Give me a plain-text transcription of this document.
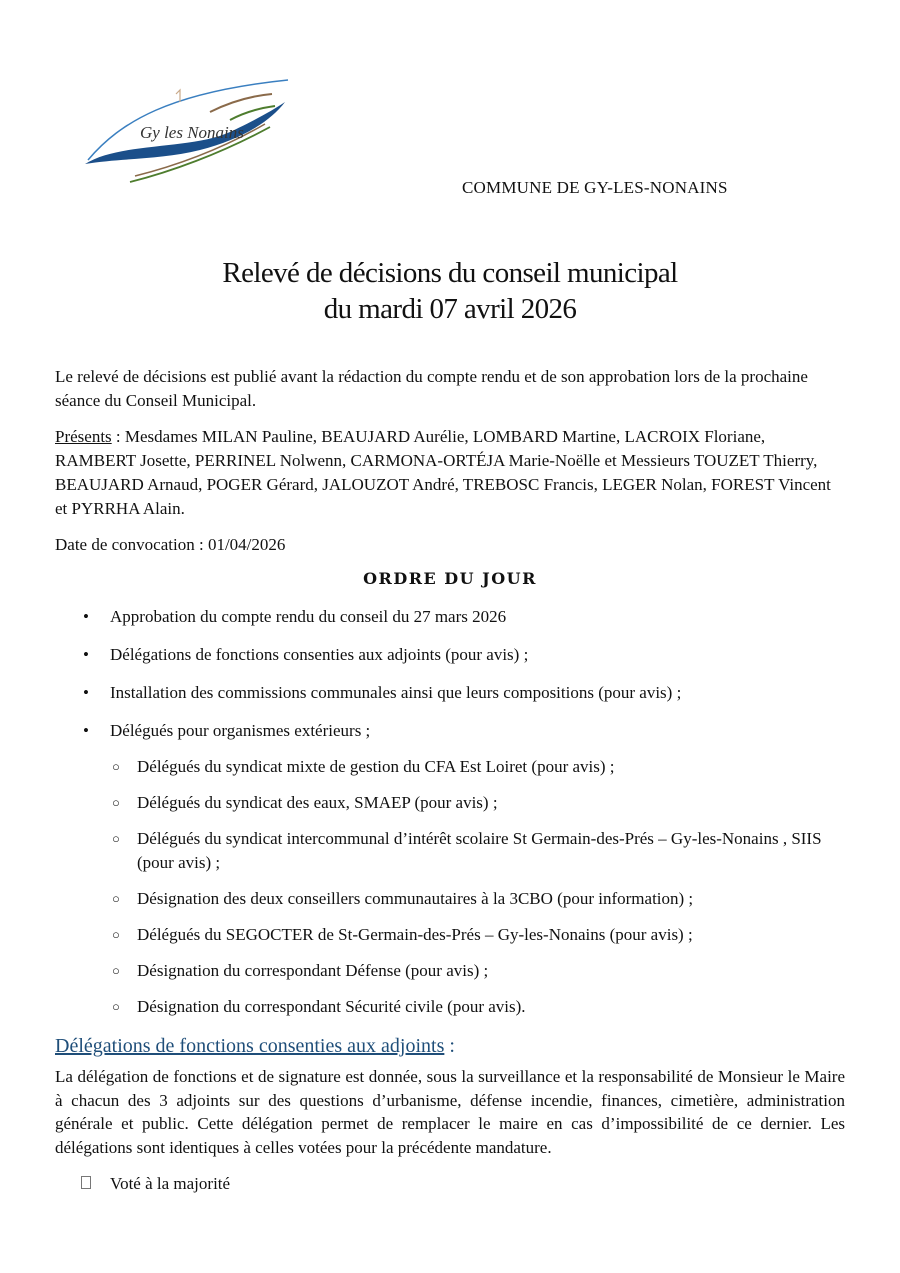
Gy les Nonains
COMMUNE DE GY-LES-NONAINS
Relevé de décisions du conseil municipal
du mardi 07 avril 2026

Le relevé de décisions est publié avant la rédaction du compte rendu et de son approbation lors de la prochaine séance du Conseil Municipal.

Présents : Mesdames MILAN Pauline, BEAUJARD Aurélie, LOMBARD Martine, LACROIX Floriane, RAMBERT Josette, PERRINEL Nolwenn, CARMONA-ORTÉJA Marie-Noëlle et Messieurs TOUZET Thierry, BEAUJARD Arnaud, POGER Gérard, JALOUZOT André, TREBOSC Francis, LEGER Nolan, FOREST Vincent et PYRRHA Alain.

Date de convocation : 01/04/2026

ORDRE DU JOUR
• Approbation du compte rendu du conseil du 27 mars 2026
• Délégations de fonctions consenties aux adjoints (pour avis) ;
• Installation des commissions communales ainsi que leurs compositions (pour avis) ;
• Délégués pour organismes extérieurs ;
○ Délégués du syndicat mixte de gestion du CFA Est Loiret (pour avis) ;
○ Délégués du syndicat des eaux, SMAEP (pour avis) ;
○ Délégués du syndicat intercommunal d’intérêt scolaire St Germain-des-Prés – Gy-les-Nonains , SIIS (pour avis) ;
○ Désignation des deux conseillers communautaires à la 3CBO (pour information) ;
○ Délégués du SEGOCTER de St-Germain-des-Prés – Gy-les-Nonains (pour avis) ;
○ Désignation du correspondant Défense (pour avis) ;
○ Désignation du correspondant Sécurité civile (pour avis).

Délégations de fonctions consenties aux adjoints :

La délégation de fonctions et de signature est donnée, sous la surveillance et la responsabilité de Monsieur le Maire à chacun des 3 adjoints sur des questions d’urbanisme, défense incendie, finances, cimetière, administration générale et public. Cette délégation permet de remplacer le maire en cas d’impossibilité de ce dernier. Les délégations sont identiques à celles votées pour la précédente mandature.

Voté à la majorité
